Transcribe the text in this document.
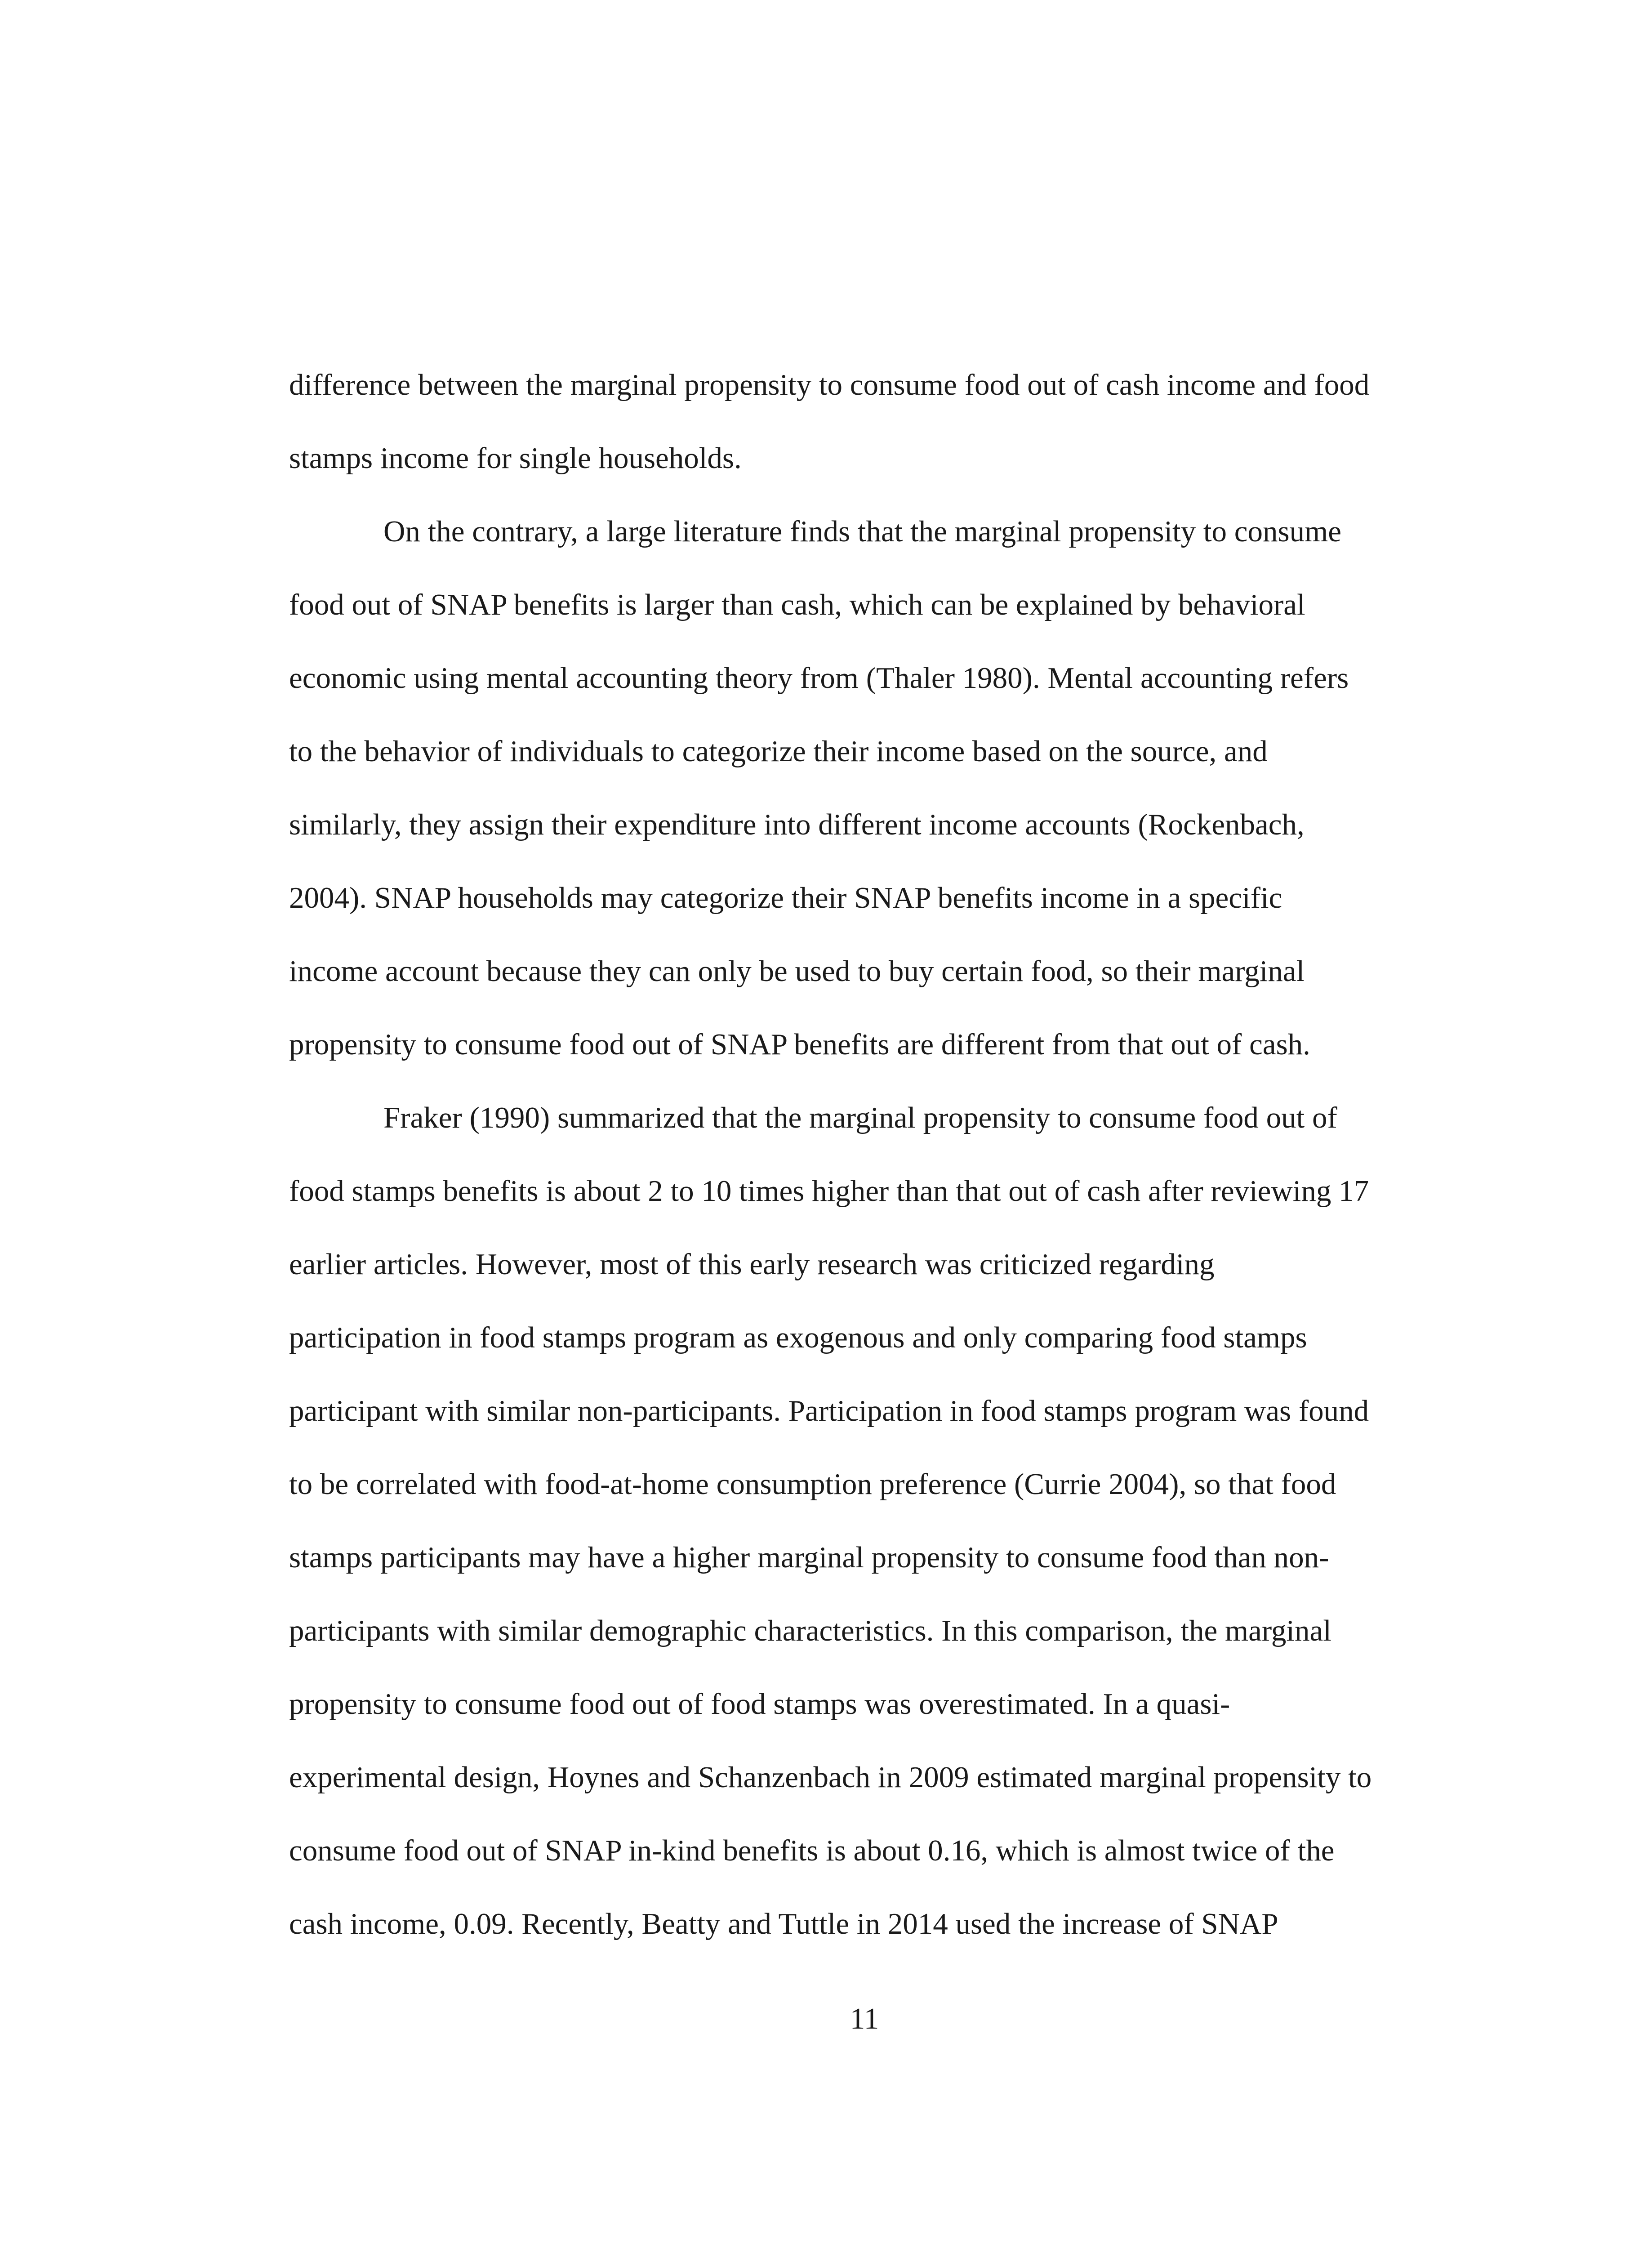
difference between the marginal propensity to consume food out of cash income and food
stamps income for single households.
On the contrary, a large literature finds that the marginal propensity to consume
food out of SNAP benefits is larger than cash, which can be explained by behavioral
economic using mental accounting theory from (Thaler 1980). Mental accounting refers
to the behavior of individuals to categorize their income based on the source, and
similarly, they assign their expenditure into different income accounts (Rockenbach,
2004). SNAP households may categorize their SNAP benefits income in a specific
income account because they can only be used to buy certain food, so their marginal
propensity to consume food out of SNAP benefits are different from that out of cash.
Fraker (1990) summarized that the marginal propensity to consume food out of
food stamps benefits is about 2 to 10 times higher than that out of cash after reviewing 17
earlier articles. However, most of this early research was criticized regarding
participation in food stamps program as exogenous and only comparing food stamps
participant with similar non-participants. Participation in food stamps program was found
to be correlated with food-at-home consumption preference (Currie 2004), so that food
stamps participants may have a higher marginal propensity to consume food than non-
participants with similar demographic characteristics. In this comparison, the marginal
propensity to consume food out of food stamps was overestimated. In a quasi-
experimental design, Hoynes and Schanzenbach in 2009 estimated marginal propensity to
consume food out of SNAP in-kind benefits is about 0.16, which is almost twice of the
cash income, 0.09. Recently, Beatty and Tuttle in 2014 used the increase of SNAP
11
